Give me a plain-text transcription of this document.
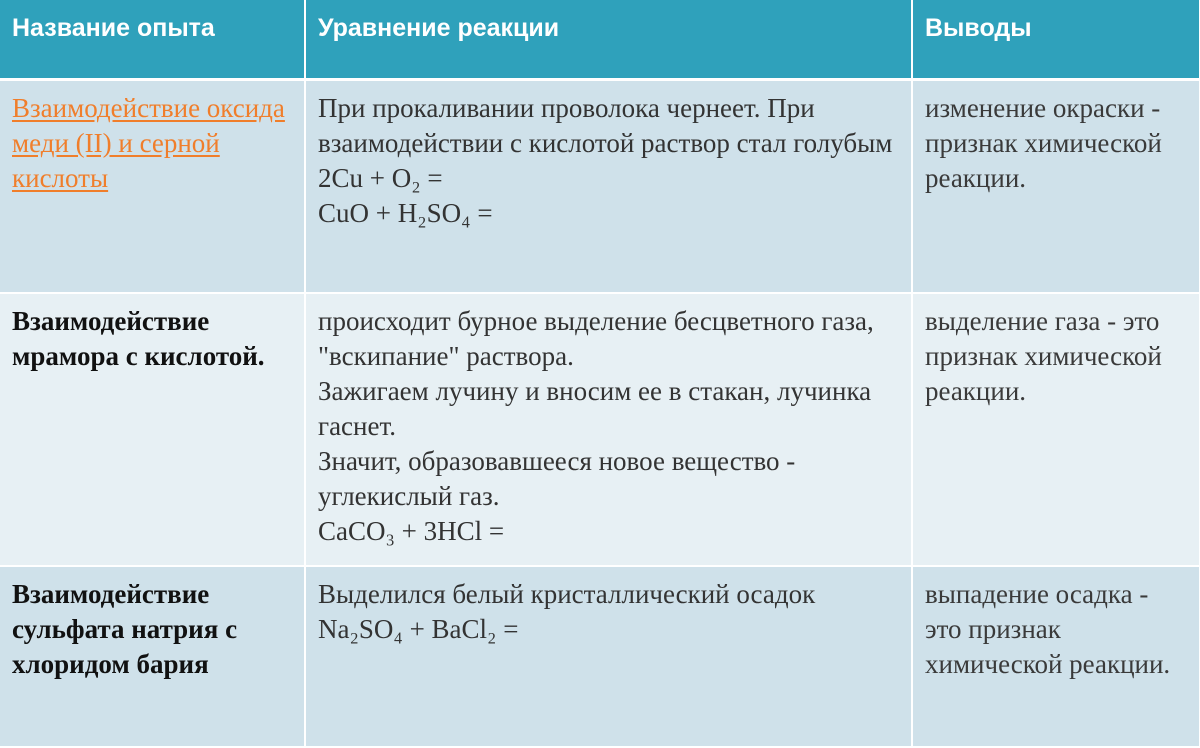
Название опыта	Уравнение реакции	Выводы
Взаимодействие оксида меди (II) и серной кислоты	При прокаливании проволока чернеет. При взаимодействии с кислотой раствор стал голубым
2Cu + O₂ =
CuO + H₂SO₄ =	изменение окраски - признак химической реакции.
Взаимодействие мрамора с кислотой.	происходит бурное выделение бесцветного газа, "вскипание" раствора.
Зажигаем лучину и вносим ее в стакан, лучинка гаснет.
Значит, образовавшееся новое вещество - углекислый газ.
CaCO₃ + 3HCl =	выделение газа - это признак химической реакции.
Взаимодействие сульфата натрия с хлоридом бария	Выделился белый кристаллический осадок
Na₂SO₄ + BaCl₂ =	выпадение осадка - это признак химической реакции.
